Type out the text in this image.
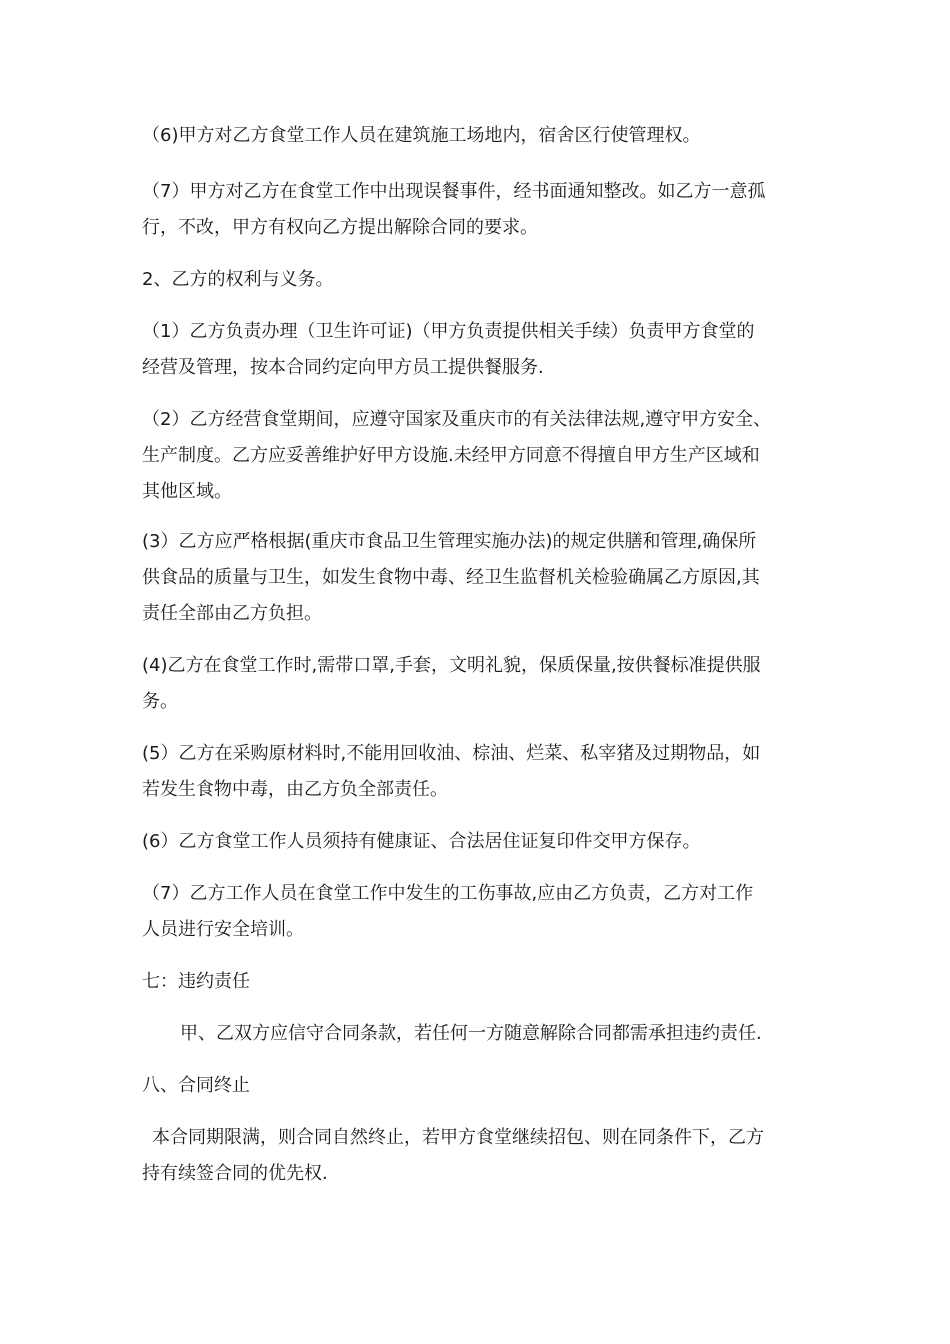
（6)甲方对乙方食堂工作人员在建筑施工场地内，宿舍区行使管理权。
（7）甲方对乙方在食堂工作中出现误餐事件，经书面通知整改。如乙方一意孤
行，不改，甲方有权向乙方提出解除合同的要求。
2、乙方的权利与义务。
（1）乙方负责办理（卫生许可证)（甲方负责提供相关手续）负责甲方食堂的
经营及管理，按本合同约定向甲方员工提供餐服务.
（2）乙方经营食堂期间，应遵守国家及重庆市的有关法律法规,遵守甲方安全、
生产制度。乙方应妥善维护好甲方设施.未经甲方同意不得擅自甲方生产区域和
其他区域。
(3）乙方应严格根据(重庆市食品卫生管理实施办法)的规定供膳和管理,确保所
供食品的质量与卫生，如发生食物中毒、经卫生监督机关检验确属乙方原因,其
责任全部由乙方负担。
(4)乙方在食堂工作时,需带口罩,手套，文明礼貌，保质保量,按供餐标准提供服
务。
(5）乙方在采购原材料时,不能用回收油、棕油、烂菜、私宰猪及过期物品，如
若发生食物中毒，由乙方负全部责任。
(6）乙方食堂工作人员须持有健康证、合法居住证复印件交甲方保存。
（7）乙方工作人员在食堂工作中发生的工伤事故,应由乙方负责，乙方对工作
人员进行安全培训。
七：违约责任
甲、乙双方应信守合同条款，若任何一方随意解除合同都需承担违约责任.
八、合同终止
本合同期限满，则合同自然终止，若甲方食堂继续招包、则在同条件下，乙方
持有续签合同的优先权.
